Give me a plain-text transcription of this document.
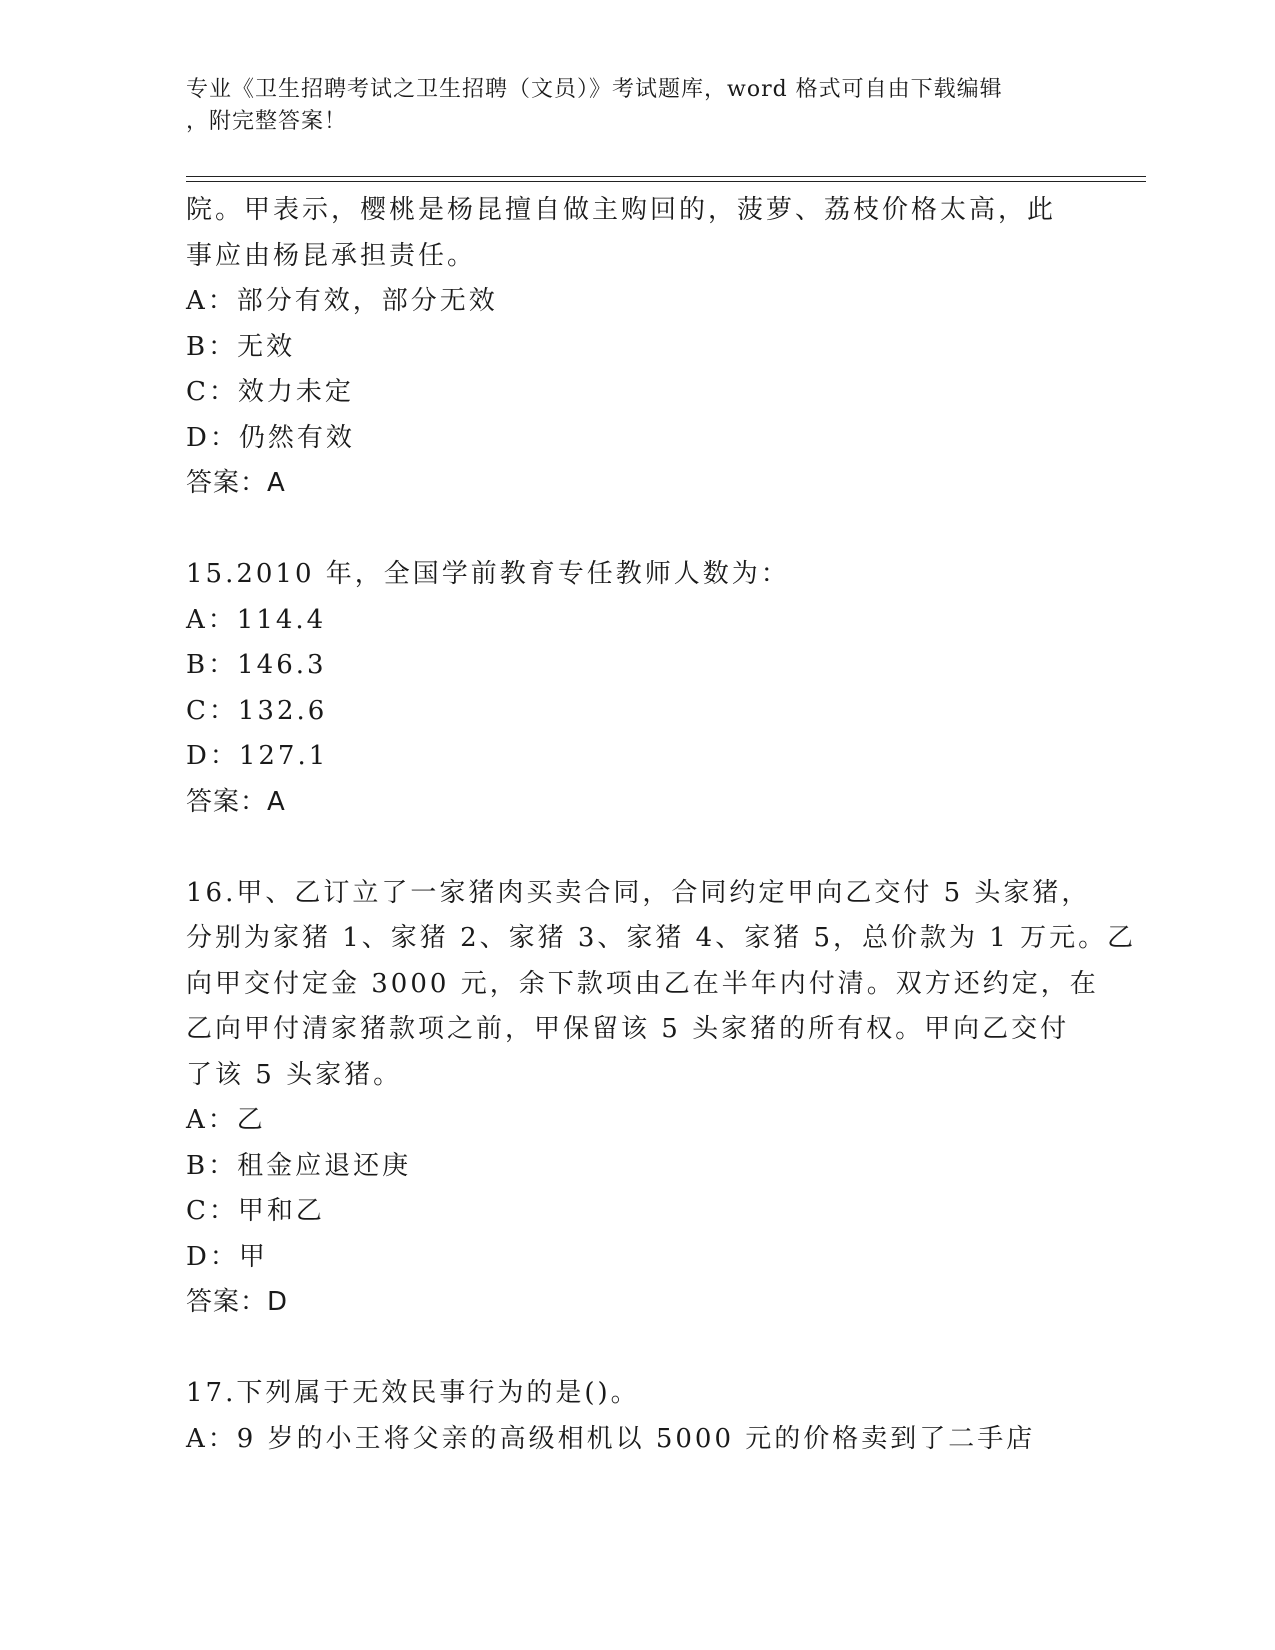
专业《卫生招聘考试之卫生招聘（文员）》考试题库，word 格式可自由下载编辑
，附完整答案！

院。甲表示，樱桃是杨昆擅自做主购回的，菠萝、荔枝价格太高，此

事应由杨昆承担责任。

A：部分有效，部分无效

B：无效

C：效力未定

D：仍然有效

答案：A

15.2010 年，全国学前教育专任教师人数为：

A：114.4

B：146.3

C：132.6

D：127.1

答案：A

16.甲、乙订立了一家猪肉买卖合同，合同约定甲向乙交付 5 头家猪，

分别为家猪 1、家猪 2、家猪 3、家猪 4、家猪 5，总价款为 1 万元。乙

向甲交付定金 3000 元，余下款项由乙在半年内付清。双方还约定，在

乙向甲付清家猪款项之前，甲保留该 5 头家猪的所有权。甲向乙交付

了该 5 头家猪。

A：乙

B：租金应退还庚

C：甲和乙

D：甲

答案：D

17.下列属于无效民事行为的是()。

A：9 岁的小王将父亲的高级相机以 5000 元的价格卖到了二手店
